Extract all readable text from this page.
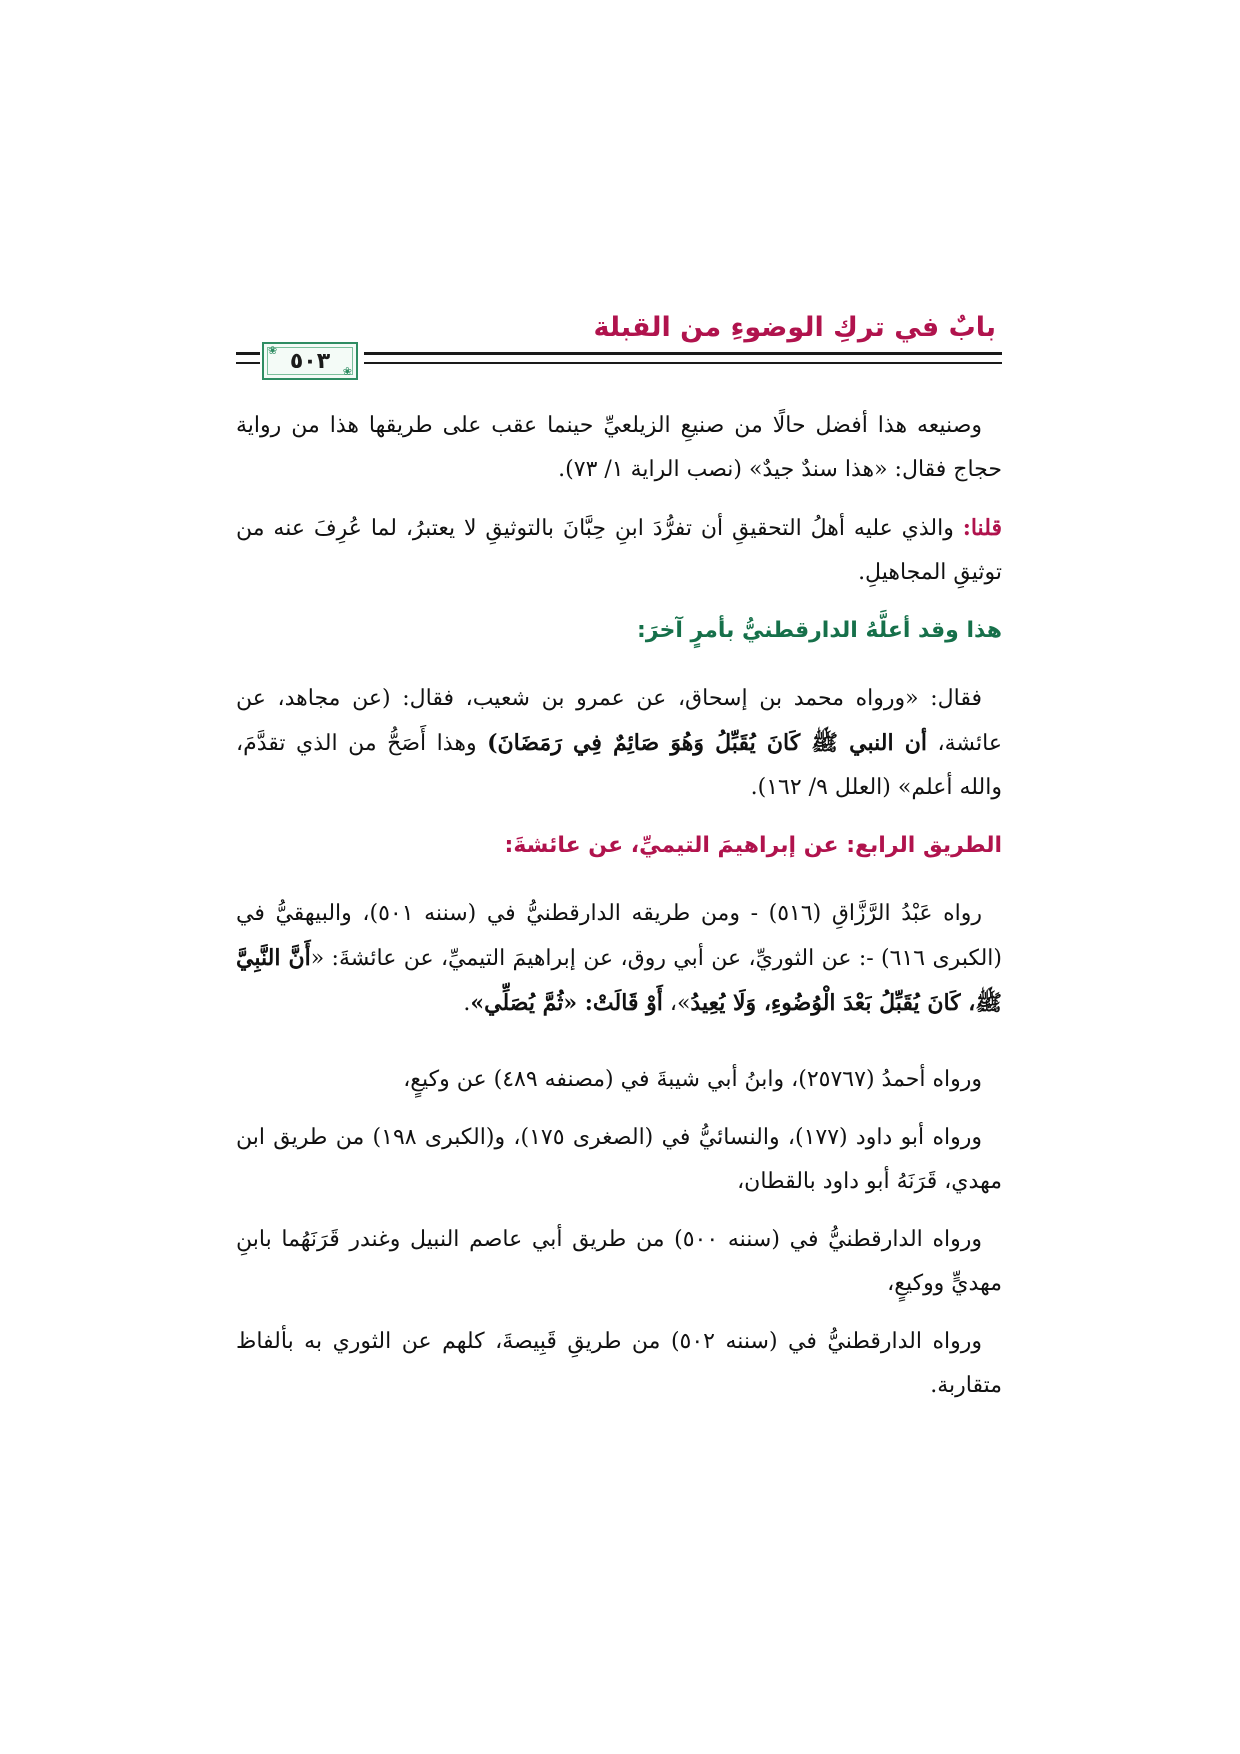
بابٌ في تركِ الوضوءِ من القبلة
❀
٥٠٣
❀

وصنيعه هذا أفضل حالًا من صنيعِ الزيلعيِّ حينما عقب على طريقها هذا من رواية حجاج فقال: «هذا سندٌ جيدٌ» (نصب الراية ١/ ٧٣).

قلنا: والذي عليه أهلُ التحقيقِ أن تفرُّدَ ابنِ حِبَّانَ بالتوثيقِ لا يعتبرُ، لما عُرِفَ عنه من توثيقِ المجاهيلِ.

هذا وقد أعلَّهُ الدارقطنيُّ بأمرٍ آخرَ:

فقال: «ورواه محمد بن إسحاق، عن عمرو بن شعيب، فقال: (عن مجاهد، عن عائشة، أن النبي ﷺ كَانَ يُقَبِّلُ وَهُوَ صَائِمٌ فِي رَمَضَانَ) وهذا أَصَحُّ من الذي تقدَّمَ، والله أعلم» (العلل ٩/ ١٦٢).

الطريق الرابع: عن إبراهيمَ التيميِّ، عن عائشةَ:

رواه عَبْدُ الرَّزَّاقِ (٥١٦) - ومن طريقه الدارقطنيُّ في (سننه ٥٠١)، والبيهقيُّ في (الكبرى ٦١٦) -: عن الثوريِّ، عن أبي روق، عن إبراهيمَ التيميِّ، عن عائشةَ: «أَنَّ النَّبِيَّ ﷺ، كَانَ يُقَبِّلُ بَعْدَ الْوُضُوءِ، وَلَا يُعِيدُ»، أَوْ قَالَتْ: «ثُمَّ يُصَلِّي».

ورواه أحمدُ (٢٥٧٦٧)، وابنُ أبي شيبةَ في (مصنفه ٤٨٩) عن وكيعٍ،

ورواه أبو داود (١٧٧)، والنسائيُّ في (الصغرى ١٧٥)، و(الكبرى ١٩٨) من طريق ابن مهدي، قَرَنَهُ أبو داود بالقطان،

ورواه الدارقطنيُّ في (سننه ٥٠٠) من طريق أبي عاصم النبيل وغندر قَرَنَهُما بابنِ مهديٍّ ووكيعٍ،

ورواه الدارقطنيُّ في (سننه ٥٠٢) من طريقِ قَبِيصةَ، كلهم عن الثوري به بألفاظ متقاربة.
